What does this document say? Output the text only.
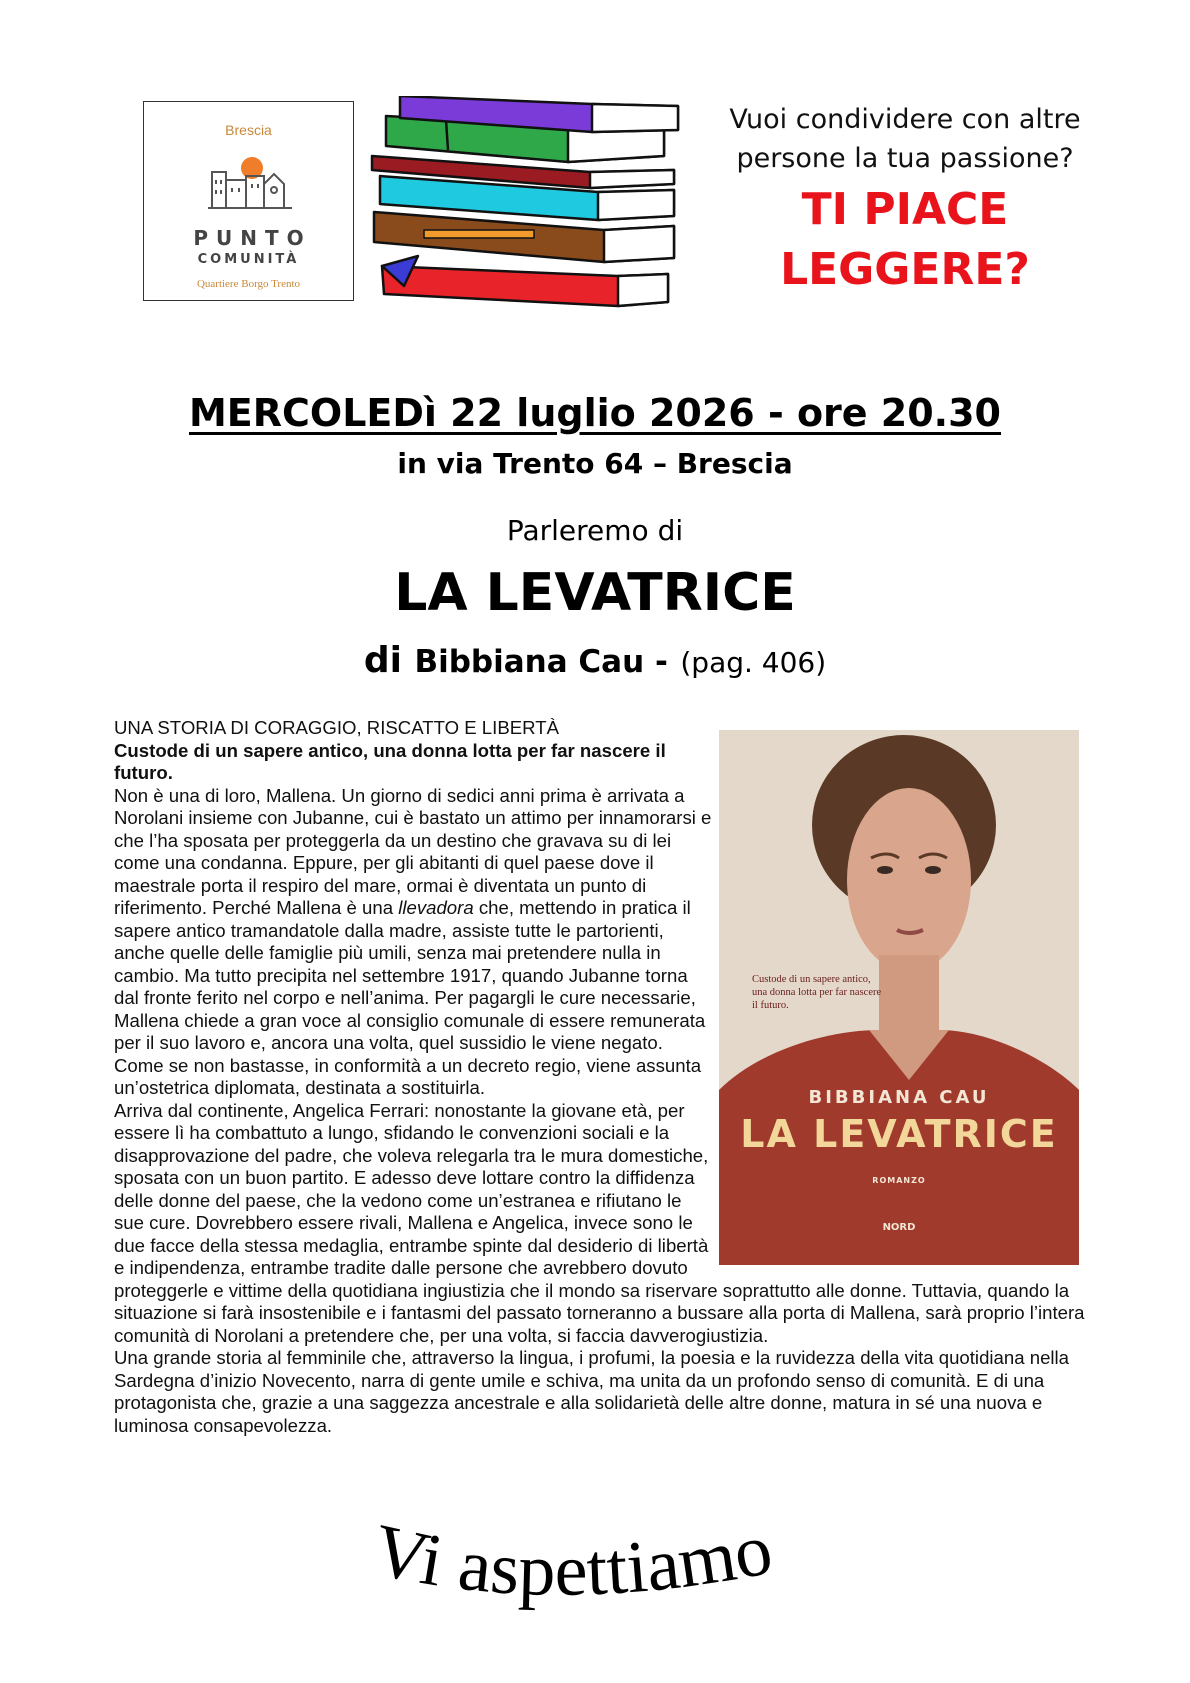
Brescia
PUNTO
COMUNITÀ
Quartiere Borgo Trento
Vuoi condividere con altre persone la tua passione?
TI PIACE
LEGGERE?
MERCOLEDì 22 luglio 2026 - ore 20.30
in via Trento 64 – Brescia
Parleremo di
LA LEVATRICE
di Bibbiana Cau - (pag. 406)

UNA STORIA DI CORAGGIO, RISCATTO E LIBERTÀ

Custode di un sapere antico, una donna lotta per far nascere il futuro.

Non è una di loro, Mallena. Un giorno di sedici anni prima è arrivata a Norolani insieme con Jubanne, cui è bastato un attimo per innamorarsi e che l’ha sposata per proteggerla da un destino che gravava su di lei come una condanna. Eppure, per gli abitanti di quel paese dove il maestrale porta il respiro del mare, ormai è diventata un punto di riferimento. Perché Mallena è una llevadora che, mettendo in pratica il sapere antico tramandatole dalla madre, assiste tutte le partorienti, anche quelle delle famiglie più umili, senza mai pretendere nulla in cambio. Ma tutto precipita nel settembre 1917, quando Jubanne torna dal fronte ferito nel corpo e nell’anima. Per pagargli le cure necessarie, Mallena chiede a gran voce al consiglio comunale di essere remunerata per il suo lavoro e, ancora una volta, quel sussidio le viene negato. Come se non bastasse, in conformità a un decreto regio, viene assunta un’ostetrica diplomata, destinata a sostituirla.

Arriva dal continente, Angelica Ferrari: nonostante la giovane età, per essere lì ha combattuto a lungo, sfidando le convenzioni sociali e la disapprovazione del padre, che voleva relegarla tra le mura domestiche, sposata con un buon partito. E adesso deve lottare contro la diffidenza delle donne del paese, che la vedono come un’estranea e rifiutano le sue cure. Dovrebbero essere rivali, Mallena e Angelica, invece sono le due facce della stessa medaglia, entrambe spinte dal desiderio di libertà e indipendenza, entrambe tradite dalle persone che avrebbero dovuto proteggerle e vittime della quotidiana ingiustizia che il mondo sa riservare soprattutto alle donne. Tuttavia, quando la situazione si farà insostenibile e i fantasmi del passato torneranno a bussare alla porta di Mallena, sarà proprio l’intera comunità di Norolani a pretendere che, per una volta, si faccia davverogiustizia.

Una grande storia al femminile che, attraverso la lingua, i profumi, la poesia e la ruvidezza della vita quotidiana nella Sardegna d’inizio Novecento, narra di gente umile e schiva, ma unita da un profondo senso di comunità. E di una protagonista che, grazie a una saggezza ancestrale e alla solidarietà delle altre donne, matura in sé una nuova e luminosa consapevolezza.

Custode di un sapere antico, una donna lotta per far nascere il futuro.
BIBBIANA CAU
LA LEVATRICE
ROMANZO
NORD
Vi aspettiamo
